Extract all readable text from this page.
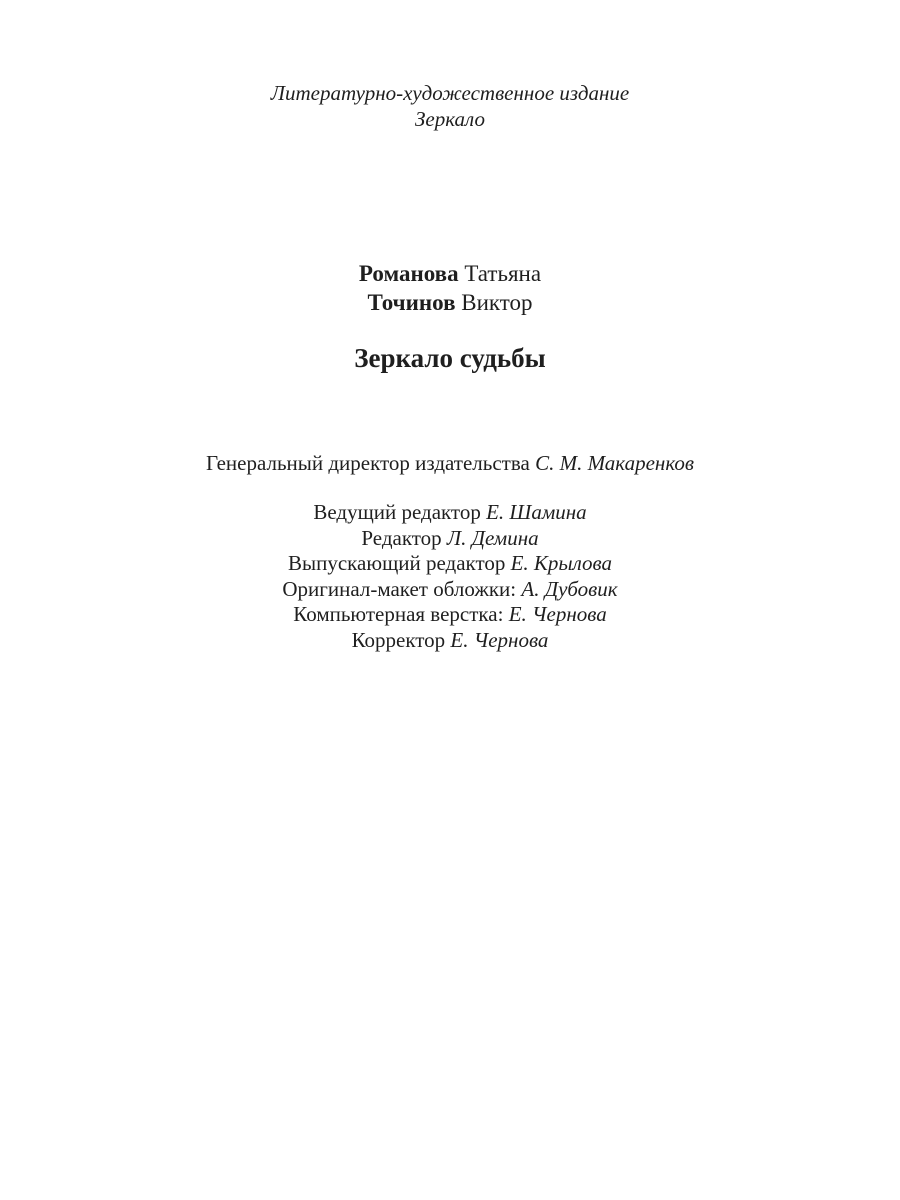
Литературно-художественное издание
Зеркало
Романова Татьяна
Точинов Виктор
Зеркало судьбы
Генеральный директор издательства С. М. Макаренков
Ведущий редактор Е. Шамина
Редактор Л. Демина
Выпускающий редактор Е. Крылова
Оригинал-макет обложки: А. Дубовик
Компьютерная верстка: Е. Чернова
Корректор Е. Чернова
